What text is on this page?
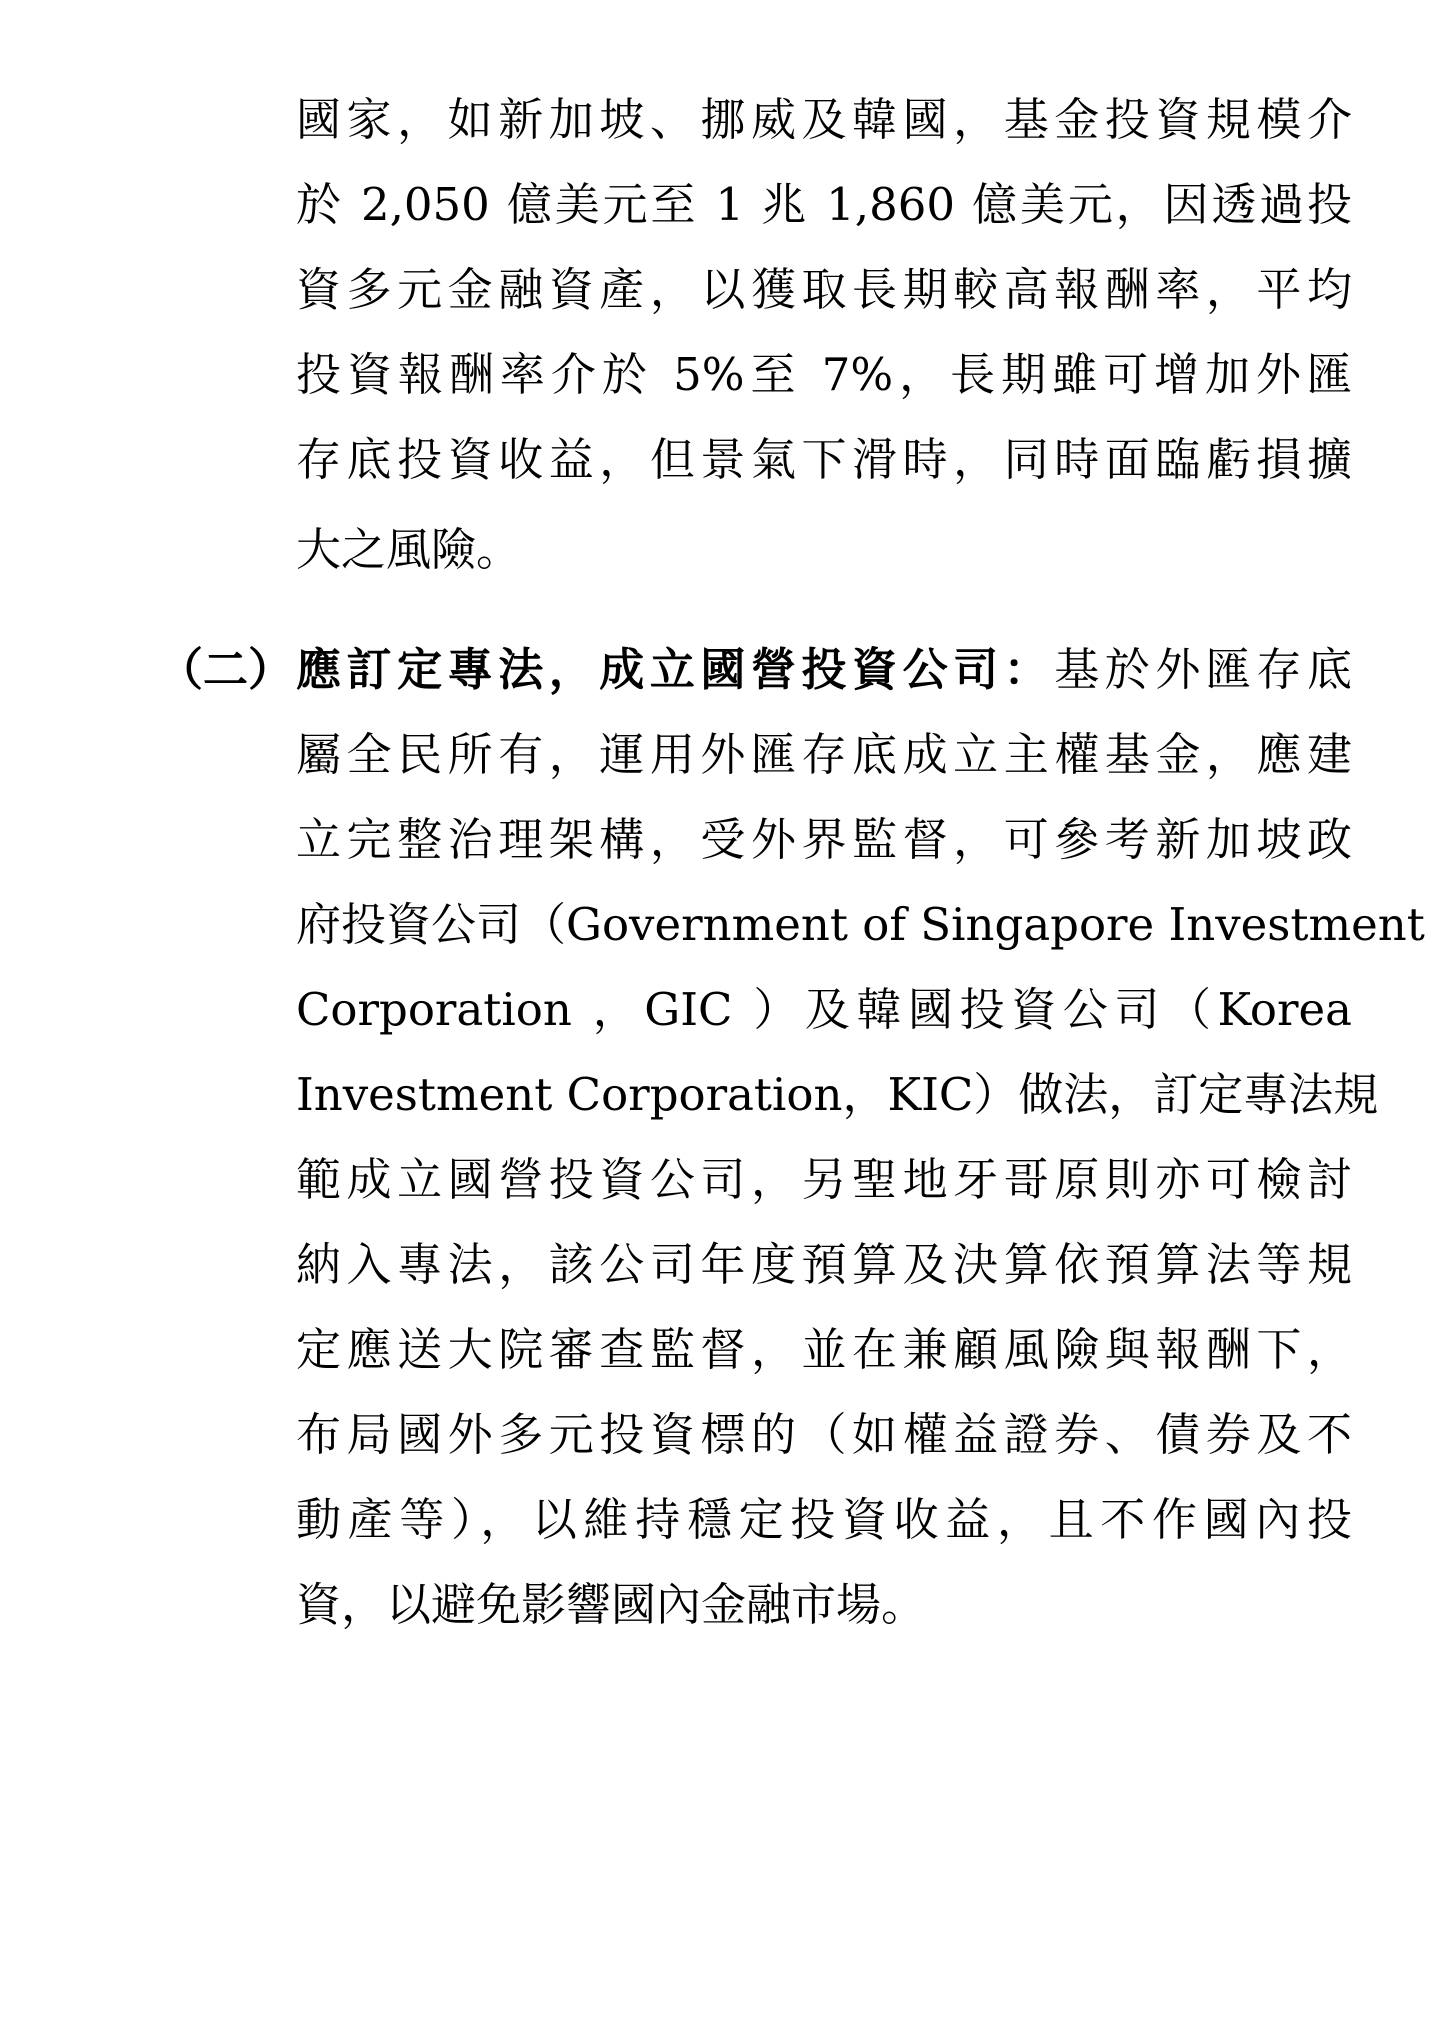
國家，如新加坡、挪威及韓國，基金投資規模介
於 2,050 億美元至 1 兆 1,860 億美元，因透過投
資多元金融資產，以獲取長期較高報酬率，平均
投資報酬率介於 5%至 7%，長期雖可增加外匯
存底投資收益，但景氣下滑時，同時面臨虧損擴
大之風險。
（二） 應訂定專法，成立國營投資公司：基於外匯存底
屬全民所有，運用外匯存底成立主權基金，應建
立完整治理架構，受外界監督，可參考新加坡政
府投資公司（Government of Singapore Investment
Corporation ，GIC ）及韓國投資公司（Korea
Investment Corporation，KIC）做法，訂定專法規
範成立國營投資公司，另聖地牙哥原則亦可檢討
納入專法，該公司年度預算及決算依預算法等規
定應送大院審查監督，並在兼顧風險與報酬下，
布局國外多元投資標的（如權益證券、債券及不
動產等），以維持穩定投資收益，且不作國內投
資，以避免影響國內金融市場。
